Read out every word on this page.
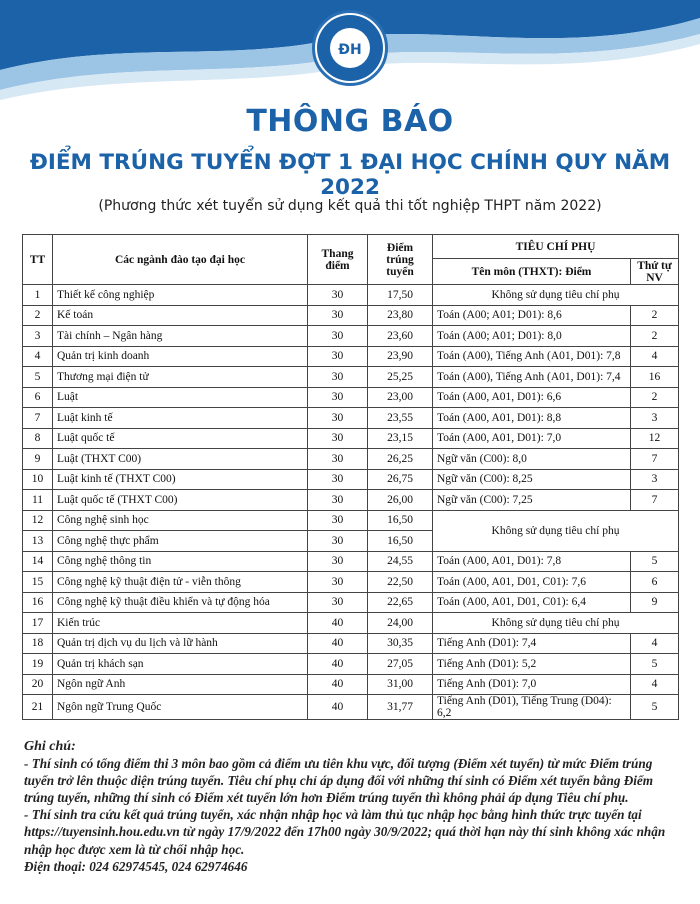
ĐH
THÔNG BÁO
ĐIỂM TRÚNG TUYỂN ĐỢT 1 ĐẠI HỌC CHÍNH QUY NĂM 2022
(Phương thức xét tuyển sử dụng kết quả thi tốt nghiệp THPT năm 2022)
TT	Các ngành đào tạo đại học	Thang điểm	Điểm trúng tuyển	TIÊU CHÍ PHỤ	
				Tên môn (THXT): Điểm	Thứ tự NV
1	Thiết kế công nghiệp	30	17,50	Không sử dụng tiêu chí phụ	
2	Kế toán	30	23,80	Toán (A00; A01; D01): 8,6	2
3	Tài chính – Ngân hàng	30	23,60	Toán (A00; A01; D01): 8,0	2
4	Quản trị kinh doanh	30	23,90	Toán (A00), Tiếng Anh (A01, D01): 7,8	4
5	Thương mại điện tử	30	25,25	Toán (A00), Tiếng Anh (A01, D01): 7,4	16
6	Luật	30	23,00	Toán (A00, A01, D01): 6,6	2
7	Luật kinh tế	30	23,55	Toán (A00, A01, D01): 8,8	3
8	Luật quốc tế	30	23,15	Toán (A00, A01, D01): 7,0	12
9	Luật (THXT C00)	30	26,25	Ngữ văn (C00): 8,0	7
10	Luật kinh tế (THXT C00)	30	26,75	Ngữ văn (C00): 8,25	3
11	Luật quốc tế (THXT C00)	30	26,00	Ngữ văn (C00): 7,25	7
12	Công nghệ sinh học	30	16,50	Không sử dụng tiêu chí phụ	
13	Công nghệ thực phẩm	30	16,50		
14	Công nghệ thông tin	30	24,55	Toán (A00, A01, D01): 7,8	5
15	Công nghệ kỹ thuật điện tử - viễn thông	30	22,50	Toán (A00, A01, D01, C01): 7,6	6
16	Công nghệ kỹ thuật điều khiển và tự động hóa	30	22,65	Toán (A00, A01, D01, C01): 6,4	9
17	Kiến trúc	40	24,00	Không sử dụng tiêu chí phụ	
18	Quản trị dịch vụ du lịch và lữ hành	40	30,35	Tiếng Anh (D01): 7,4	4
19	Quản trị khách sạn	40	27,05	Tiếng Anh (D01): 5,2	5
20	Ngôn ngữ Anh	40	31,00	Tiếng Anh (D01): 7,0	4
21	Ngôn ngữ Trung Quốc	40	31,77	Tiếng Anh (D01), Tiếng Trung (D04): 6,2	5

Ghi chú:

- Thí sinh có tổng điểm thi 3 môn bao gồm cả điểm ưu tiên khu vực, đối tượng (Điểm xét tuyển) từ mức Điểm trúng tuyển trở lên thuộc diện trúng tuyển. Tiêu chí phụ chỉ áp dụng đối với những thí sinh có Điểm xét tuyển bằng Điểm trúng tuyển, những thí sinh có Điểm xét tuyển lớn hơn Điểm trúng tuyển thì không phải áp dụng Tiêu chí phụ.

- Thí sinh tra cứu kết quả trúng tuyển, xác nhận nhập học và làm thủ tục nhập học bằng hình thức trực tuyến tại https://tuyensinh.hou.edu.vn từ ngày 17/9/2022 đến 17h00 ngày 30/9/2022; quá thời hạn này thí sinh không xác nhận nhập học được xem là từ chối nhập học.

Điện thoại: 024 62974545, 024 62974646
